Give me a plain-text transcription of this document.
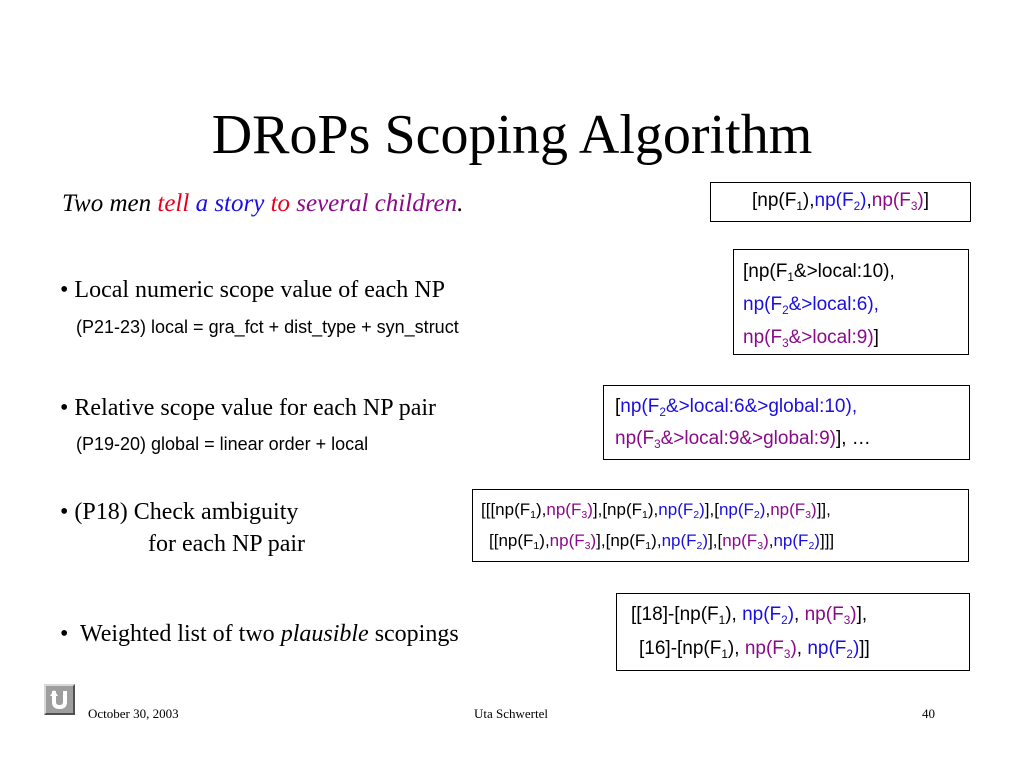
DRoPs Scoping Algorithm
Two men tell a story to several children.
• Local numeric scope value of each NP
(P21-23) local = gra_fct + dist_type + syn_struct
• Relative scope value for each NP pair
(P19-20) global = linear order + local
• (P18) Check ambiguity
for each NP pair
•  Weighted list of two plausible scopings
$[np(F_1),np(F_2),np(F_3)]$
[$np(F_1\&>local:10)$,
$np(F_2\&>local:6)$,
$np(F_3\&>local:9)$]
[$np(F_2\&>local:6\&>global:10)$,
$np(F_3\&>local:9\&>global:9)$], …
[$[[np(F_1),np(F_3)],[np(F_1),np(F_2)],[np(F_2),np(F_3)]]$,
$[[np(F_1),np(F_3)],[np(F_1),np(F_2)],[np(F_3),np(F_2)]]$]
[$[18]-[np(F_1)$, $np(F_2)$, $np(F_3)$],
$[16]-[np(F_1)$, $np(F_3)$, $np(F_2)$]]
October 30, 2003	Uta Schwertel	40
